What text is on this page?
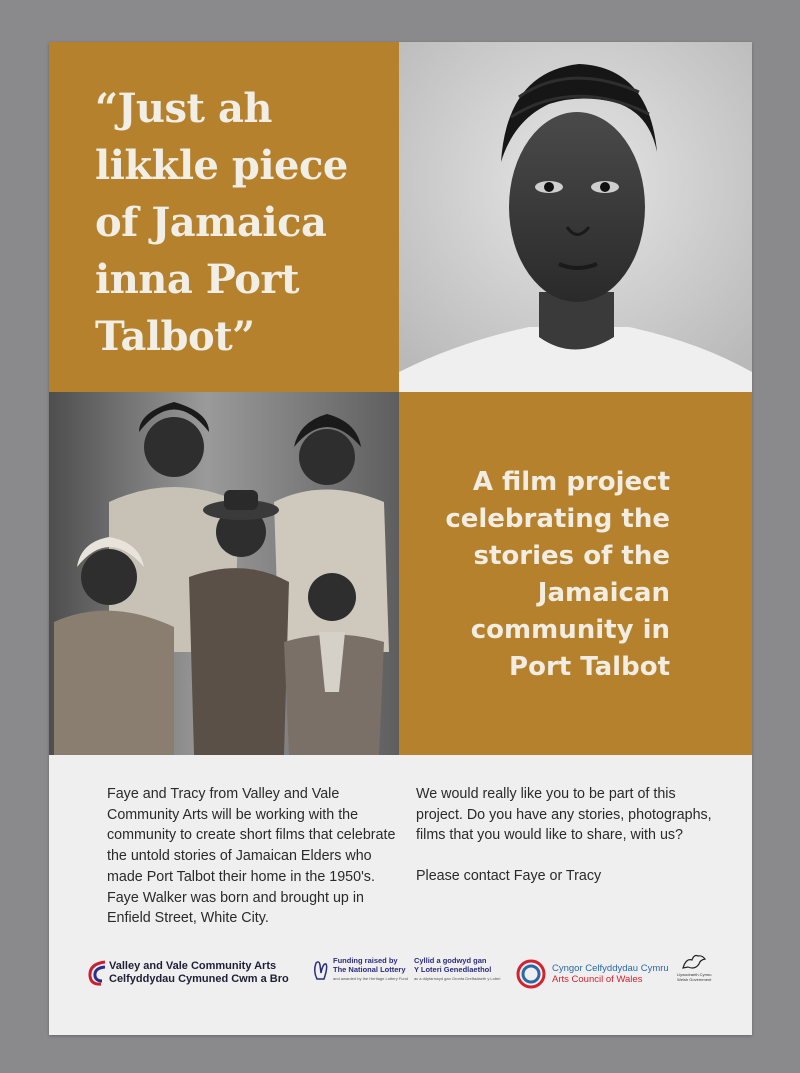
“Just ah likkle piece of Jamaica inna Port Talbot”

A film project celebrating the stories of the Jamaican community in Port Talbot

Faye and Tracy from Valley and Vale Community Arts will be working with the community to create short films that celebrate the untold stories of Jamaican Elders who made Port Talbot their home in the 1950's. Faye Walker was born and brought up in Enfield Street, White City.

We would really like you to be part of this project. Do you have any stories, photographs, films that you would like to share, with us?

Please contact Faye or Tracy

Valley and Vale Community Arts
Celfyddydau Cymuned Cwm a Bro
Funding raised by
The National Lottery
and awarded by the Heritage Lottery Fund
Cyllid a godwyd gan
Y Loteri Genedlaethol
ac a ddyfarnwyd gan Gronfa Dreftadaeth y Loteri
Cyngor Celfyddydau Cymru
Arts Council of Wales	Llywodraeth Cymru
Welsh Government
